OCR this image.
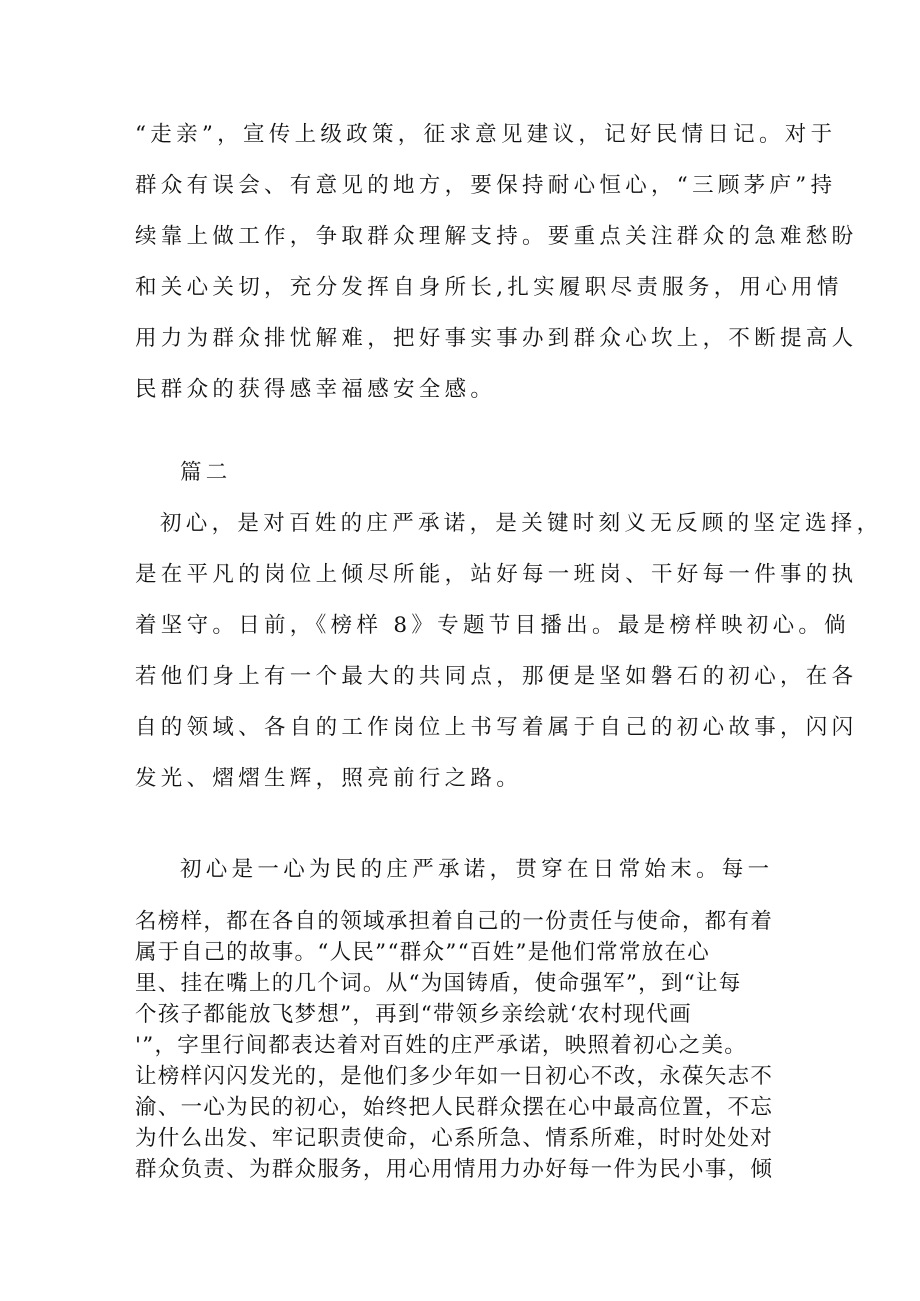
“走亲”，宣传上级政策，征求意见建议，记好民情日记。对于

群众有误会、有意见的地方，要保持耐心恒心，“三顾茅庐”持

续靠上做工作，争取群众理解支持。要重点关注群众的急难愁盼

和关心关切，充分发挥自身所长,扎实履职尽责服务，用心用情

用力为群众排忧解难，把好事实事办到群众心坎上，不断提高人

民群众的获得感幸福感安全感。

篇二

初心，是对百姓的庄严承诺，是关键时刻义无反顾的坚定选择，

是在平凡的岗位上倾尽所能，站好每一班岗、干好每一件事的执

着坚守。日前，《榜样 8》专题节目播出。最是榜样映初心。倘

若他们身上有一个最大的共同点，那便是坚如磐石的初心，在各

自的领域、各自的工作岗位上书写着属于自己的初心故事，闪闪

发光、熠熠生辉，照亮前行之路。

初心是一心为民的庄严承诺，贯穿在日常始末。每一

名榜样，都在各自的领域承担着自己的一份责任与使命，都有着

属于自己的故事。“人民”“群众”“百姓”是他们常常放在心

里、挂在嘴上的几个词。从“为国铸盾，使命强军”，到“让每

个孩子都能放飞梦想”，再到“带领乡亲绘就‘农村现代画

'”，字里行间都表达着对百姓的庄严承诺，映照着初心之美。

让榜样闪闪发光的，是他们多少年如一日初心不改，永葆矢志不

渝、一心为民的初心，始终把人民群众摆在心中最高位置，不忘

为什么出发、牢记职责使命，心系所急、情系所难，时时处处对

群众负责、为群众服务，用心用情用力办好每一件为民小事，倾
